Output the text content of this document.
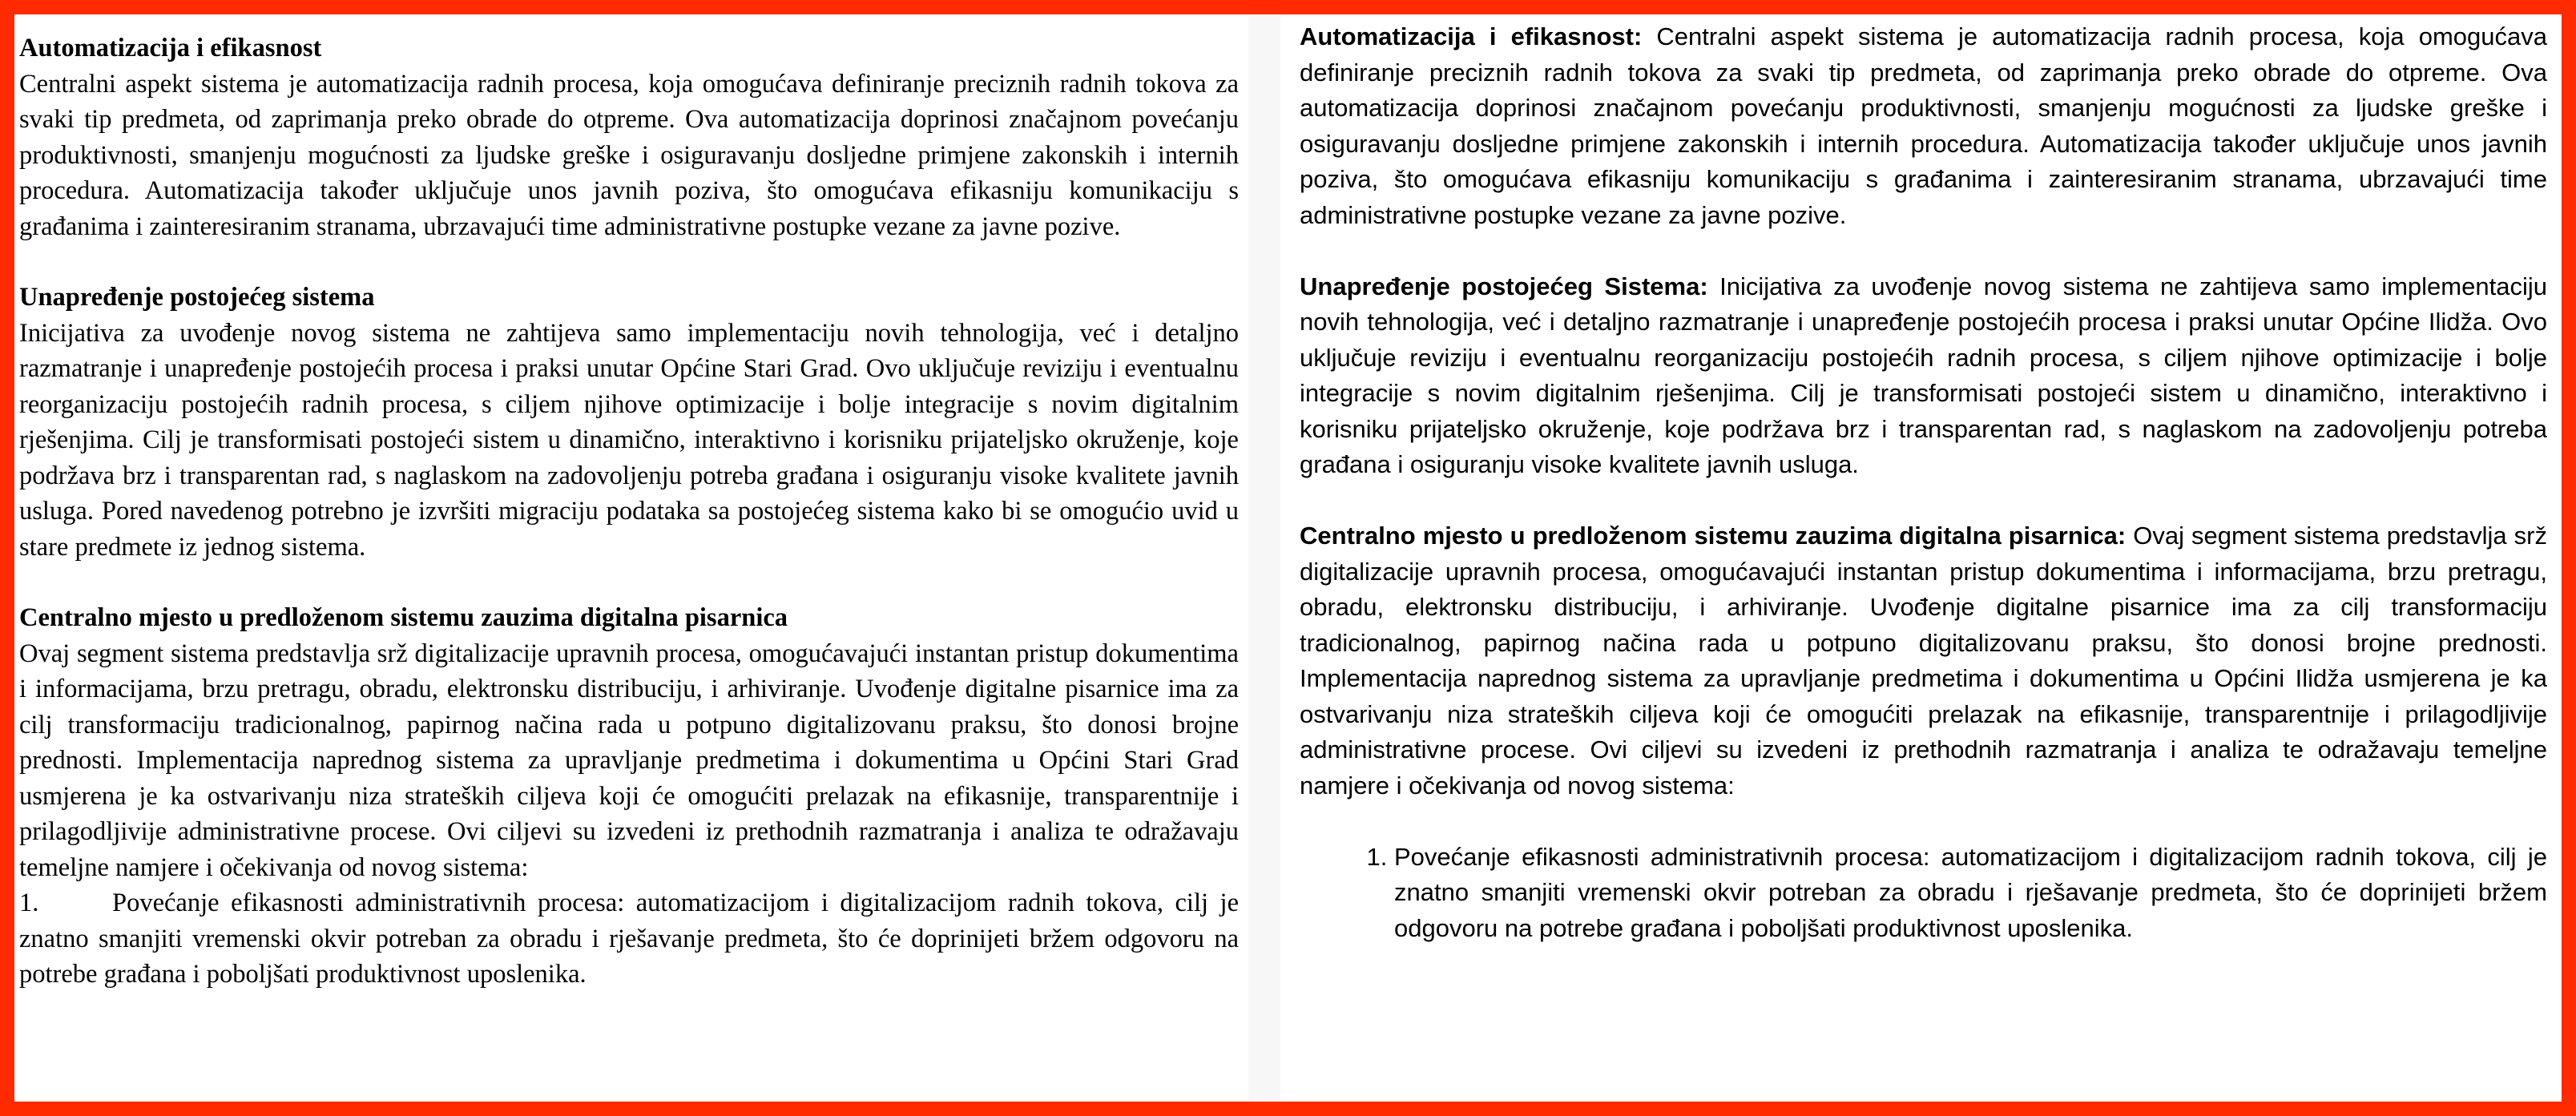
Automatizacija i efikasnost

Centralni aspekt sistema je automatizacija radnih procesa, koja omogućava definiranje preciznih radnih tokova za svaki tip predmeta, od zaprimanja preko obrade do otpreme. Ova automatizacija doprinosi značajnom povećanju produktivnosti, smanjenju mogućnosti za ljudske greške i osiguravanju dosljedne primjene zakonskih i internih procedura. Automatizacija također uključuje unos javnih poziva, što omogućava efikasniju komunikaciju s građanima i zainteresiranim stranama, ubrzavajući time administrativne postupke vezane za javne pozive.

Unapređenje postojećeg sistema

Inicijativa za uvođenje novog sistema ne zahtijeva samo implementaciju novih tehnologija, već i detaljno razmatranje i unapređenje postojećih procesa i praksi unutar Općine Stari Grad. Ovo uključuje reviziju i eventualnu reorganizaciju postojećih radnih procesa, s ciljem njihove optimizacije i bolje integracije s novim digitalnim rješenjima. Cilj je transformisati postojeći sistem u dinamično, interaktivno i korisniku prijateljsko okruženje, koje podržava brz i transparentan rad, s naglaskom na zadovoljenju potreba građana i osiguranju visoke kvalitete javnih usluga. Pored navedenog potrebno je izvršiti migraciju podataka sa postojećeg sistema kako bi se omogućio uvid u stare predmete iz jednog sistema.

Centralno mjesto u predloženom sistemu zauzima digitalna pisarnica

Ovaj segment sistema predstavlja srž digitalizacije upravnih procesa, omogućavajući instantan pristup dokumentima i informacijama, brzu pretragu, obradu, elektronsku distribuciju, i arhiviranje. Uvođenje digitalne pisarnice ima za cilj transformaciju tradicionalnog, papirnog načina rada u potpuno digitalizovanu praksu, što donosi brojne prednosti. Implementacija naprednog sistema za upravljanje predmetima i dokumentima u Općini Stari Grad usmjerena je ka ostvarivanju niza strateških ciljeva koji će omogućiti prelazak na efikasnije, transparentnije i prilagodljivije administrativne procese. Ovi ciljevi su izvedeni iz prethodnih razmatranja i analiza te odražavaju temeljne namjere i očekivanja od novog sistema:

1.	Povećanje efikasnosti administrativnih procesa: automatizacijom i digitalizacijom radnih tokova, cilj je znatno smanjiti vremenski okvir potreban za obradu i rješavanje predmeta, što će doprinijeti bržem odgovoru na potrebe građana i poboljšati produktivnost uposlenika.

Automatizacija i efikasnost: Centralni aspekt sistema je automatizacija radnih procesa, koja omogućava definiranje preciznih radnih tokova za svaki tip predmeta, od zaprimanja preko obrade do otpreme. Ova automatizacija doprinosi značajnom povećanju produktivnosti, smanjenju mogućnosti za ljudske greške i osiguravanju dosljedne primjene zakonskih i internih procedura. Automatizacija također uključuje unos javnih poziva, što omogućava efikasniju komunikaciju s građanima i zainteresiranim stranama, ubrzavajući time administrativne postupke vezane za javne pozive.

Unapređenje postojećeg Sistema: Inicijativa za uvođenje novog sistema ne zahtijeva samo implementaciju novih tehnologija, već i detaljno razmatranje i unapređenje postojećih procesa i praksi unutar Općine Ilidža. Ovo uključuje reviziju i eventualnu reorganizaciju postojećih radnih procesa, s ciljem njihove optimizacije i bolje integracije s novim digitalnim rješenjima. Cilj je transformisati postojeći sistem u dinamično, interaktivno i korisniku prijateljsko okruženje, koje podržava brz i transparentan rad, s naglaskom na zadovoljenju potreba građana i osiguranju visoke kvalitete javnih usluga.

Centralno mjesto u predloženom sistemu zauzima digitalna pisarnica: Ovaj segment sistema predstavlja srž digitalizacije upravnih procesa, omogućavajući instantan pristup dokumentima i informacijama, brzu pretragu, obradu, elektronsku distribuciju, i arhiviranje. Uvođenje digitalne pisarnice ima za cilj transformaciju tradicionalnog, papirnog načina rada u potpuno digitalizovanu praksu, što donosi brojne prednosti. Implementacija naprednog sistema za upravljanje predmetima i dokumentima u Općini Ilidža usmjerena je ka ostvarivanju niza strateških ciljeva koji će omogućiti prelazak na efikasnije, transparentnije i prilagodljivije administrativne procese. Ovi ciljevi su izvedeni iz prethodnih razmatranja i analiza te odražavaju temeljne namjere i očekivanja od novog sistema:

1. Povećanje efikasnosti administrativnih procesa: automatizacijom i digitalizacijom radnih tokova, cilj je znatno smanjiti vremenski okvir potreban za obradu i rješavanje predmeta, što će doprinijeti bržem odgovoru na potrebe građana i poboljšati produktivnost uposlenika.
